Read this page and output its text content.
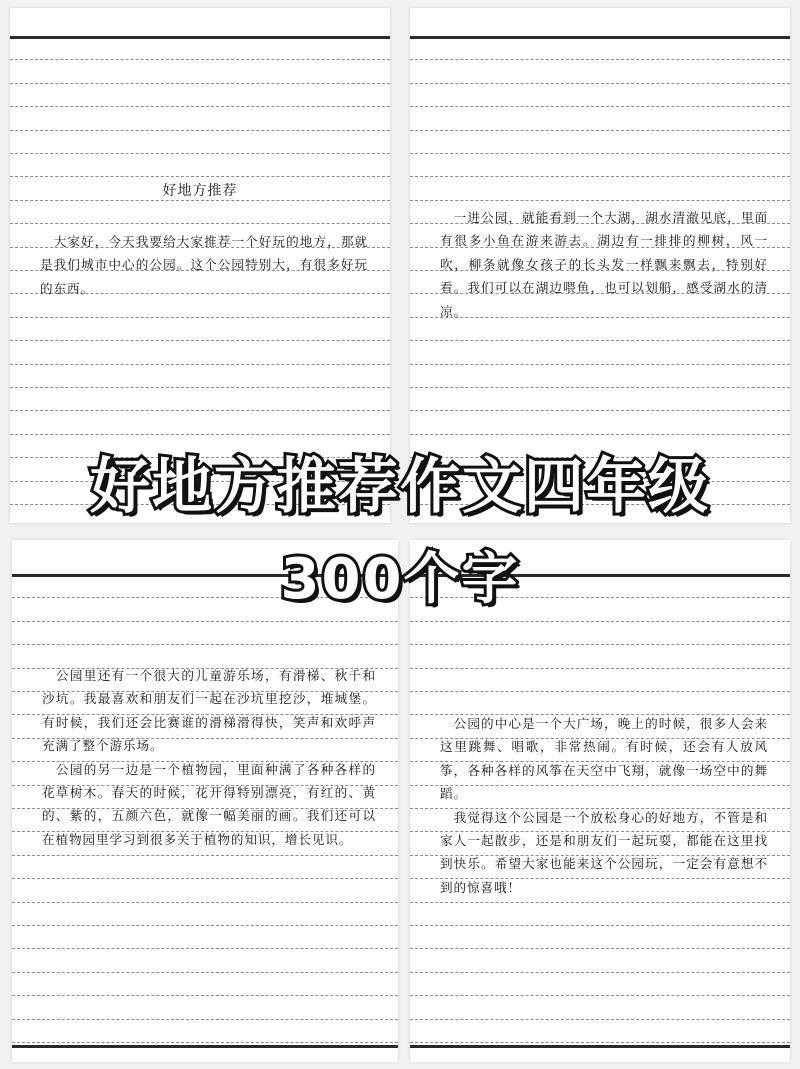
好地方推荐
　大家好，今天我要给大家推荐一个好玩的地方，那就是我们城市中心的公园。这个公园特别大，有很多好玩的东西。
　一进公园，就能看到一个大湖，湖水清澈见底，里面有很多小鱼在游来游去。湖边有一排排的柳树，风一吹，柳条就像女孩子的长头发一样飘来飘去，特别好看。我们可以在湖边喂鱼，也可以划船，感受湖水的清凉。
　公园里还有一个很大的儿童游乐场，有滑梯、秋千和沙坑。我最喜欢和朋友们一起在沙坑里挖沙，堆城堡。有时候，我们还会比赛谁的滑梯滑得快，笑声和欢呼声充满了整个游乐场。
　公园的另一边是一个植物园，里面种满了各种各样的花草树木。春天的时候，花开得特别漂亮，有红的、黄的、紫的，五颜六色，就像一幅美丽的画。我们还可以在植物园里学习到很多关于植物的知识，增长见识。
　公园的中心是一个大广场，晚上的时候，很多人会来这里跳舞、唱歌，非常热闹。有时候，还会有人放风筝，各种各样的风筝在天空中飞翔，就像一场空中的舞蹈。
　我觉得这个公园是一个放松身心的好地方，不管是和家人一起散步，还是和朋友们一起玩耍，都能在这里找到快乐。希望大家也能来这个公园玩，一定会有意想不到的惊喜哦！
好地方推荐作文四年级
300个字
